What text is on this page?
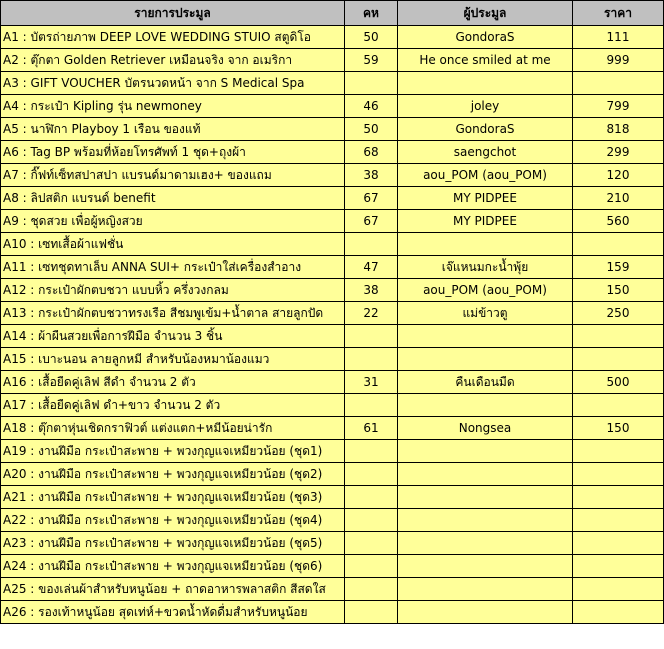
รายการประมูล	คห	ผู้ประมูล	ราคา
A1 : บัตรถ่ายภาพ DEEP LOVE WEDDING STUIO สตูดิโอ	50	GondoraS	111
A2 : ตุ๊กตา Golden Retriever เหมือนจริง จาก อเมริกา	59	He once smiled at me	999
A3 : GIFT VOUCHER บัตรนวดหน้า จาก S Medical Spa			
A4 : กระเป๋า Kipling รุ่น newmoney	46	joley	799
A5 : นาฬิกา Playboy 1 เรือน ของแท้	50	GondoraS	818
A6 : Tag BP พร้อมที่ห้อยโทรศัพท์ 1 ชุด+ถุงผ้า	68	saengchot	299
A7 : กิ๊ฟท์เซ็ทสปาสปา แบรนด์มาดามเฮง+ ของแถม	38	aou_POM (aou_POM)	120
A8 : ลิปสติก แบรนด์ benefit	67	MY PIDPEE	210
A9 : ชุดสวย เพื่อผู้หญิงสวย	67	MY PIDPEE	560
A10 : เซทเสื้อผ้าแฟชั่น			
A11 : เซทชุดทาเล็บ ANNA SUI+ กระเป๋าใส่เครื่องสำอาง	47	เจ๊แหนมกะน้ำพุ้ย	159
A12 : กระเป๋าผักตบชวา แบบหิ้ว ครึ่งวงกลม	38	aou_POM (aou_POM)	150
A13 : กระเป๋าผักตบชวาทรงเรือ สีชมพูเข้ม+น้ำตาล สายลูกปัด	22	แม่ข้าวตู	250
A14 : ผ้าผืนสวยเพื่อการฝีมือ จำนวน 3 ชิ้น			
A15 : เบาะนอน ลายลูกหมี สำหรับน้องหมาน้องแมว			
A16 : เสื้อยืดคู่เลิฟ สีดำ จำนวน 2 ตัว	31	คืนเดือนมืด	500
A17 : เสื้อยืดคู่เลิฟ ดำ+ขาว จำนวน 2 ตัว			
A18 : ตุ๊กตาหุ่นเชิดกราฟิวต์ แต่งแตก+หมีน้อยน่ารัก	61	Nongsea	150
A19 : งานฝีมือ กระเป๋าสะพาย + พวงกุญแจเหมียวน้อย (ชุด1)			
A20 : งานฝีมือ กระเป๋าสะพาย + พวงกุญแจเหมียวน้อย (ชุด2)			
A21 : งานฝีมือ กระเป๋าสะพาย + พวงกุญแจเหมียวน้อย (ชุด3)			
A22 : งานฝีมือ กระเป๋าสะพาย + พวงกุญแจเหมียวน้อย (ชุด4)			
A23 : งานฝีมือ กระเป๋าสะพาย + พวงกุญแจเหมียวน้อย (ชุด5)			
A24 : งานฝีมือ กระเป๋าสะพาย + พวงกุญแจเหมียวน้อย (ชุด6)			
A25 : ของเล่นผ้าสำหรับหนูน้อย + ถาดอาหารพลาสติก สีสดใส			
A26 : รองเท้าหนูน้อย สุดเท่ห์+ขวดน้ำหัดดื่มสำหรับหนูน้อย			
